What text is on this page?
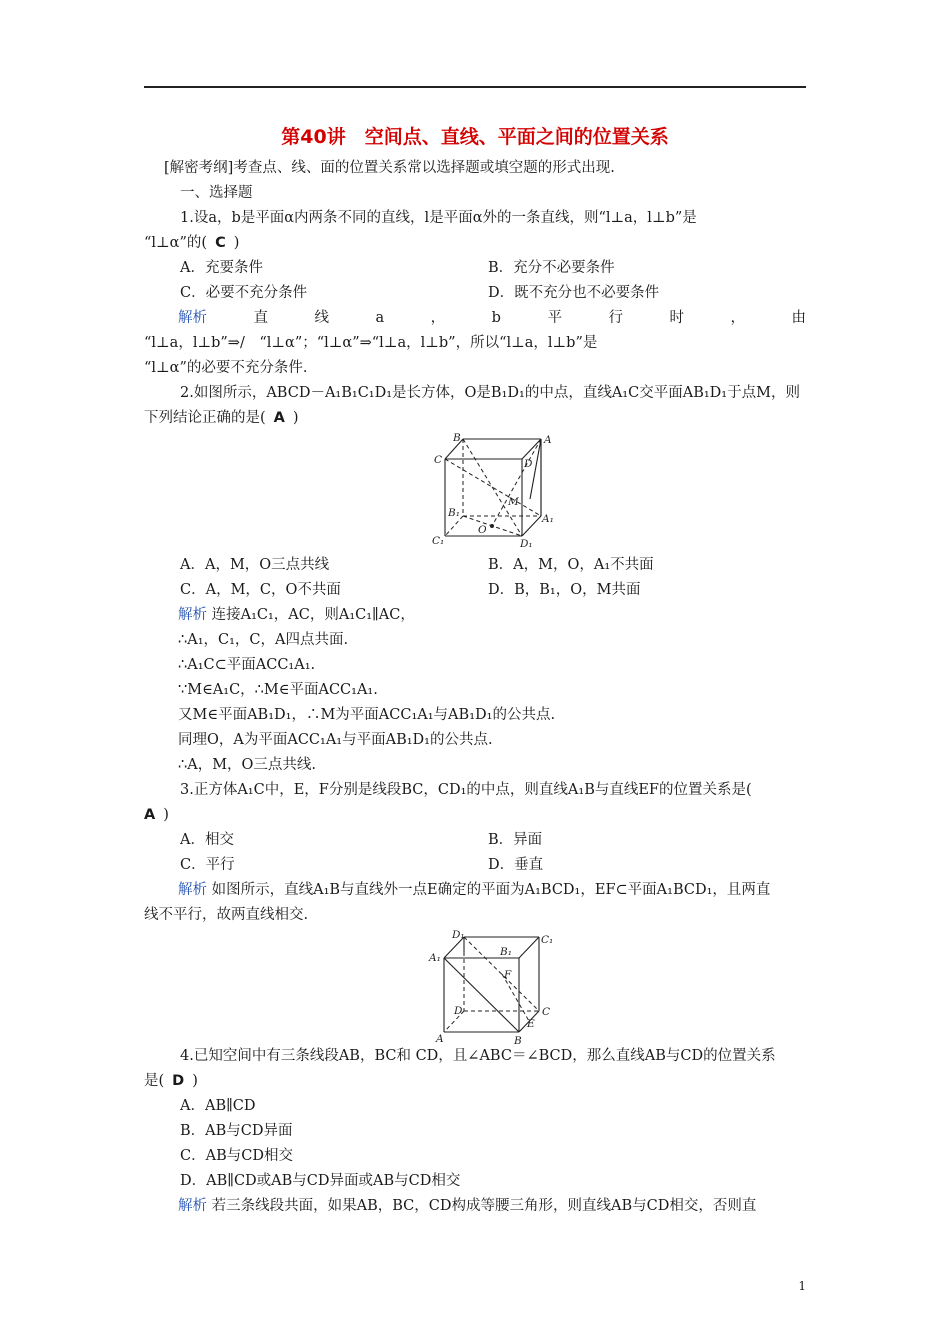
第40讲　空间点、直线、平面之间的位置关系
[解密考纲]考查点、线、面的位置关系常以选择题或填空题的形式出现.
一、选择题
1.设a，b是平面α内两条不同的直线，l是平面α外的一条直线，则“l⊥a，l⊥b”是
“l⊥α”的( C )
A．充要条件	B．充分不必要条件
C．必要不充分条件	D．既不充分也不必要条件
解析	直	线	a	，	b	平	行	时	，	由
“l⊥a，l⊥b”⇒/　“l⊥α”；“l⊥α”⇒“l⊥a，l⊥b”，所以“l⊥a，l⊥b”是
“l⊥α”的必要不充分条件.
2.如图所示，ABCD－A₁B₁C₁D₁是长方体，O是B₁D₁的中点，直线A₁C交平面AB₁D₁于点M，则
下列结论正确的是( A )
B	A
C	D
M
B₁
O
A₁
C₁	D₁
A．A，M，O三点共线	B．A，M，O，A₁不共面
C．A，M，C，O不共面	D．B，B₁，O，M共面
解析 连接A₁C₁，AC，则A₁C₁∥AC，
∴A₁，C₁，C，A四点共面.
∴A₁C⊂平面ACC₁A₁.
∵M∈A₁C，∴M∈平面ACC₁A₁.
又M∈平面AB₁D₁，∴M为平面ACC₁A₁与AB₁D₁的公共点.
同理O，A为平面ACC₁A₁与平面AB₁D₁的公共点.
∴A，M，O三点共线.
3.正方体A₁C中，E，F分别是线段BC，CD₁的中点，则直线A₁B与直线EF的位置关系是(
A )
A．相交	B．异面
C．平行	D．垂直
解析 如图所示，直线A₁B与直线外一点E确定的平面为A₁BCD₁，EF⊂平面A₁BCD₁，且两直
线不平行，故两直线相交.
D₁
B₁
C₁
A₁
F
D	C
E
A	B
4.已知空间中有三条线段AB，BC和 CD，且∠ABC＝∠BCD，那么直线AB与CD的位置关系
是( D )
A．AB∥CD
B．AB与CD异面
C．AB与CD相交
D．AB∥CD或AB与CD异面或AB与CD相交
解析 若三条线段共面，如果AB，BC，CD构成等腰三角形，则直线AB与CD相交，否则直
1
